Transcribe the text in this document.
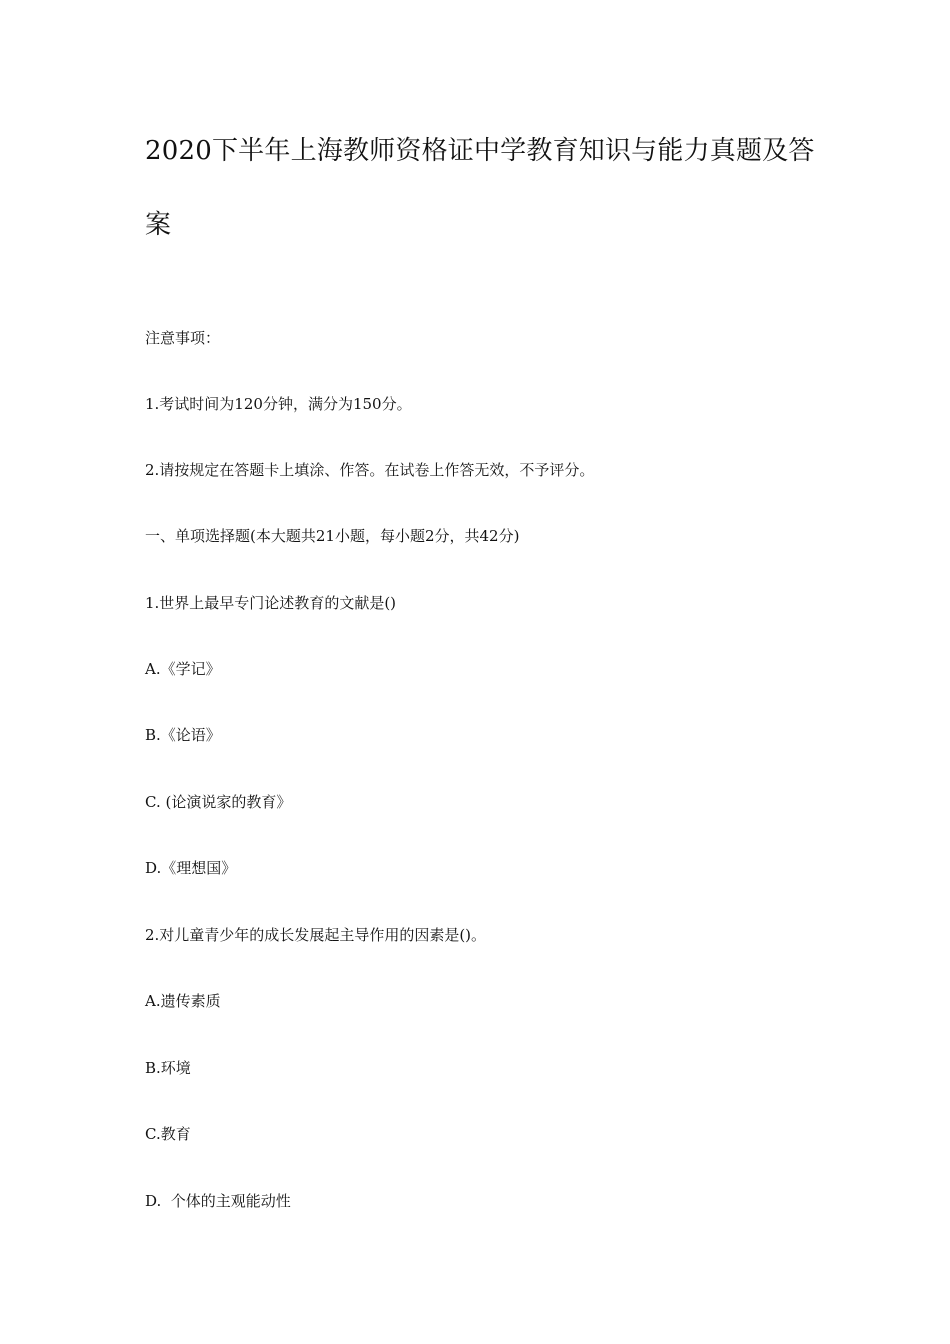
2020下半年上海教师资格证中学教育知识与能力真题及答
案
注意事项：
1.考试时间为120分钟，满分为150分。
2.请按规定在答题卡上填涂、作答。在试卷上作答无效，不予评分。
一、单项选择题(本大题共21小题，每小题2分，共42分)
1.世界上最早专门论述教育的文献是()
A.《学记》
B.《论语》
C. (论演说家的教育》
D.《理想国》
2.对儿童青少年的成长发展起主导作用的因素是()。
A.遗传素质
B.环境
C.教育
D.  个体的主观能动性
